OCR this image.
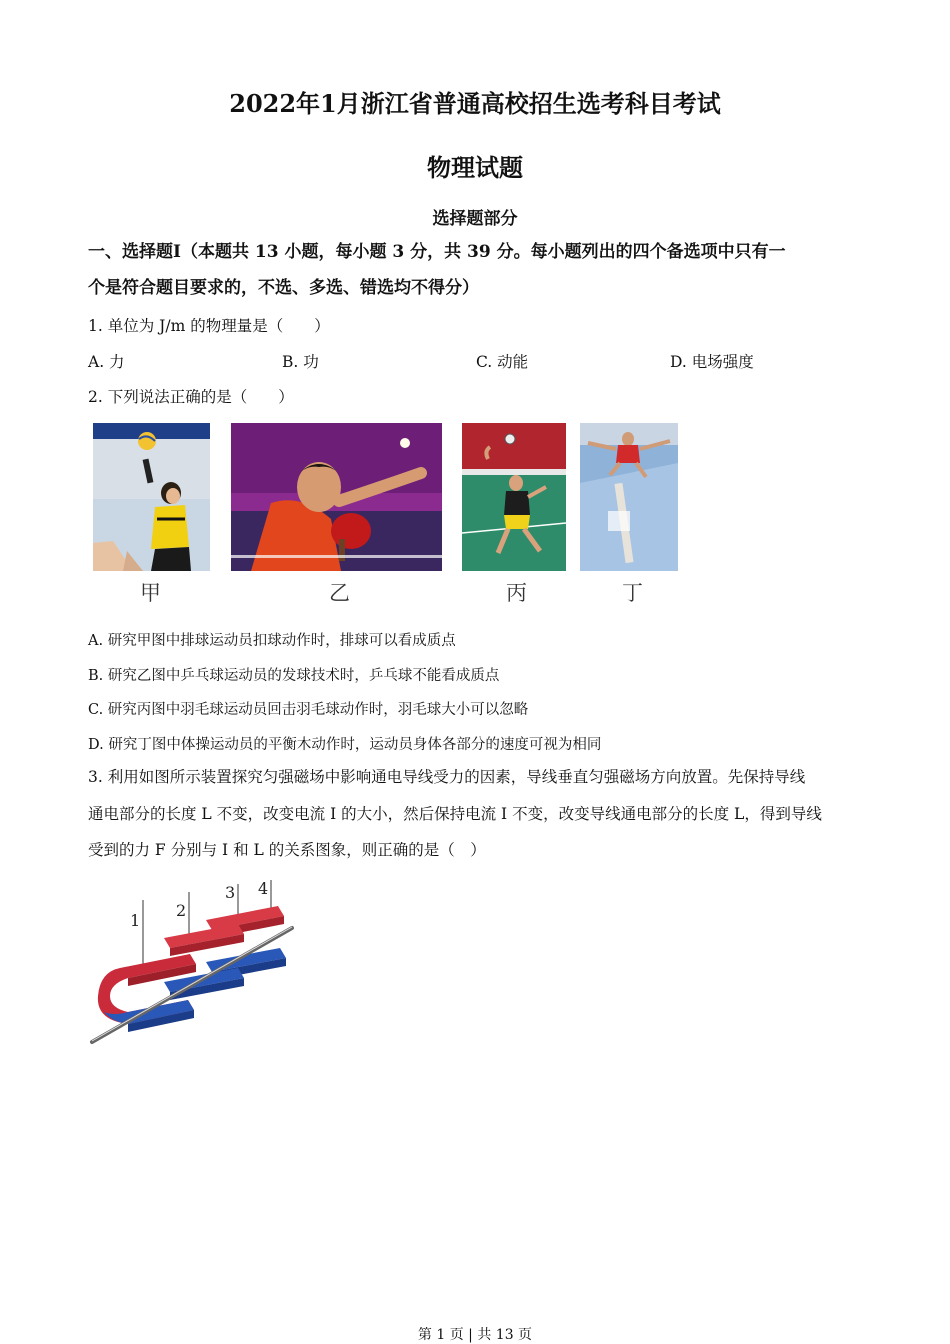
2022年1月浙江省普通高校招生选考科目考试
物理试题
选择题部分
一、选择题Ⅰ（本题共 13 小题，每小题 3 分，共 39 分。每小题列出的四个备选项中只有一
个是符合题目要求的，不选、多选、错选均不得分）
1. 单位为 J/m 的物理量是（　　）
A. 力	B. 功	C. 动能	D. 电场强度
2. 下列说法正确的是（　　）
甲	乙	丙	丁
A. 研究甲图中排球运动员扣球动作时，排球可以看成质点
B. 研究乙图中乒乓球运动员的发球技术时，乒乓球不能看成质点
C. 研究丙图中羽毛球运动员回击羽毛球动作时，羽毛球大小可以忽略
D. 研究丁图中体操运动员的平衡木动作时，运动员身体各部分的速度可视为相同
3. 利用如图所示装置探究匀强磁场中影响通电导线受力的因素，导线垂直匀强磁场方向放置。先保持导线
通电部分的长度 L 不变，改变电流 I 的大小，然后保持电流 I 不变，改变导线通电部分的长度 L，得到导线
受到的力 F 分别与 I 和 L 的关系图象，则正确的是（　）
1
2
3 4
第 1 页 | 共 13 页
